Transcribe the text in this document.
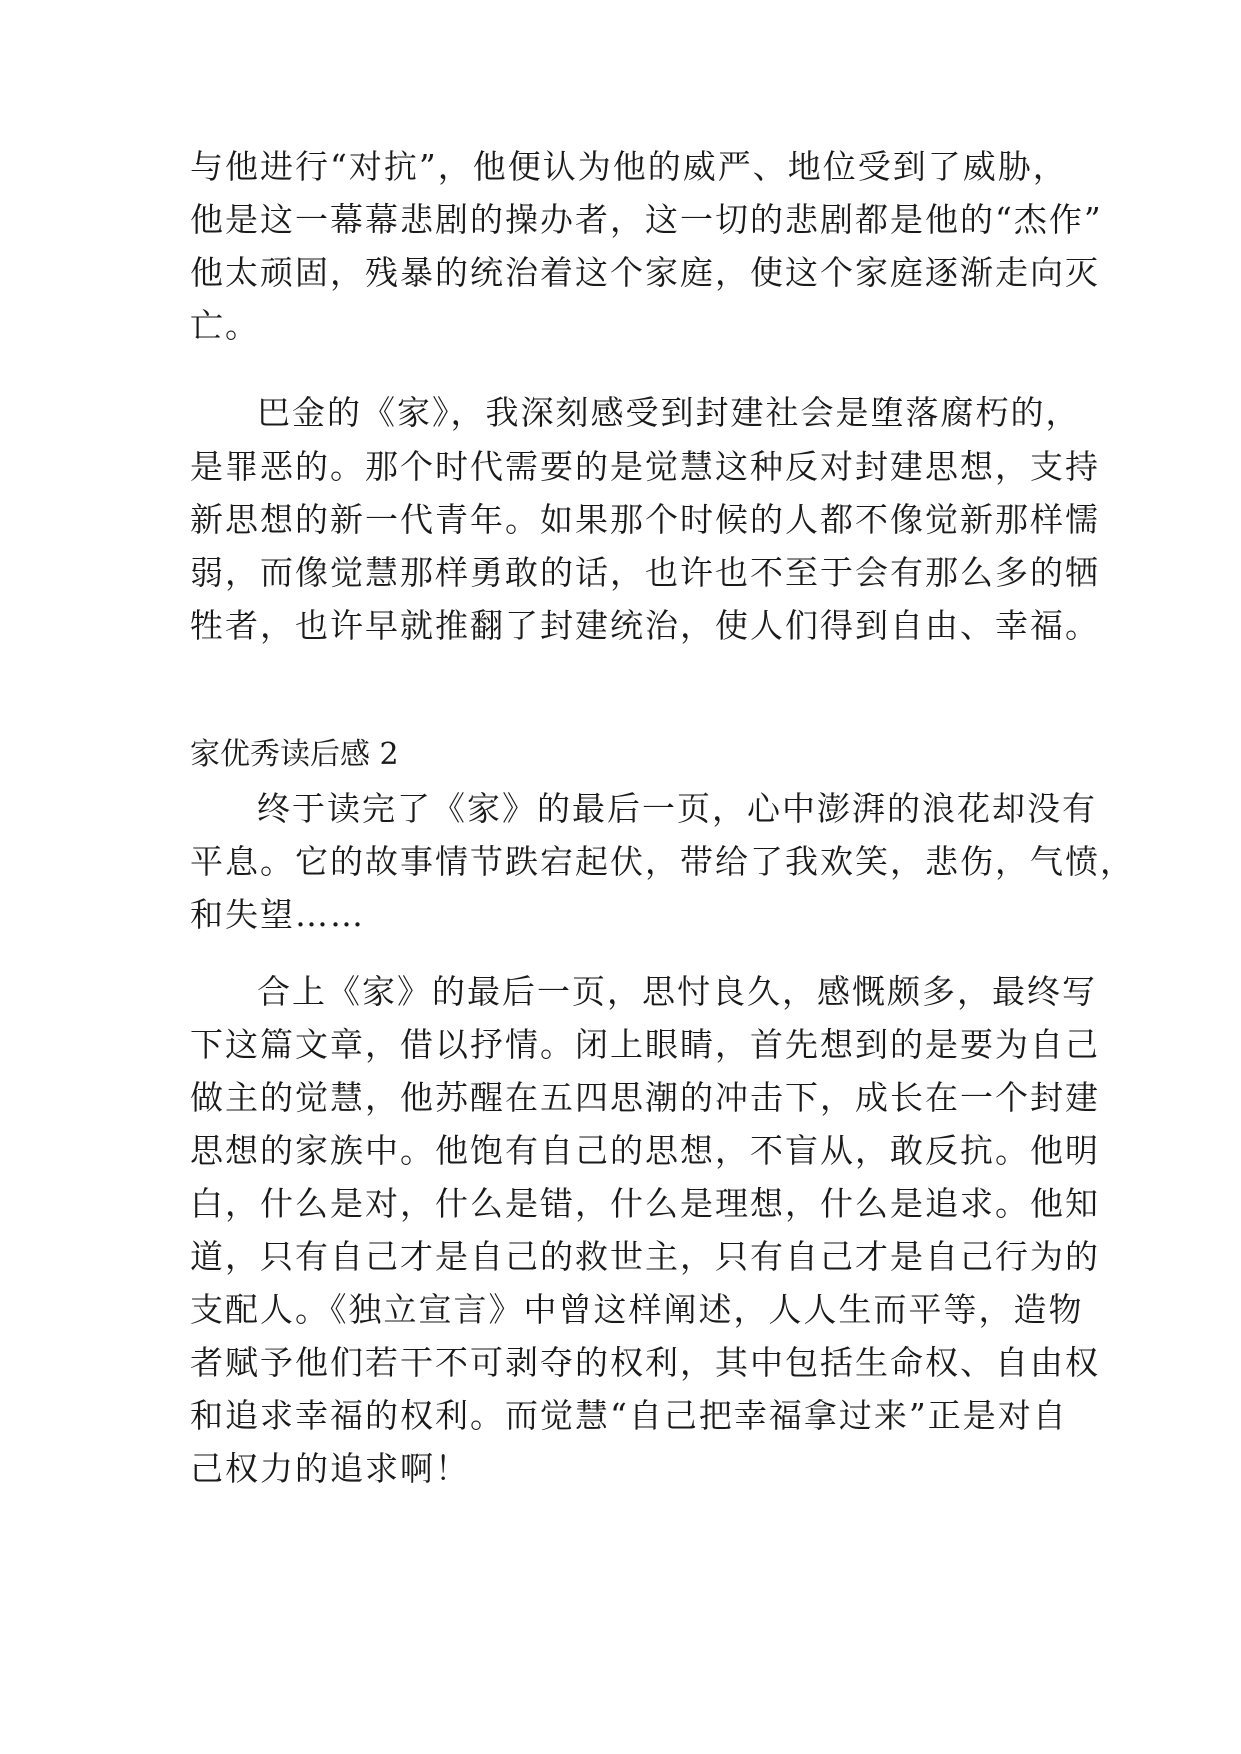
与他进行“对抗”，他便认为他的威严、地位受到了威胁，
他是这一幕幕悲剧的操办者，这一切的悲剧都是他的“杰作”
他太顽固，残暴的统治着这个家庭，使这个家庭逐渐走向灭
亡。
巴金的《家》，我深刻感受到封建社会是堕落腐朽的，
是罪恶的。那个时代需要的是觉慧这种反对封建思想，支持
新思想的新一代青年。如果那个时候的人都不像觉新那样懦
弱，而像觉慧那样勇敢的话，也许也不至于会有那么多的牺
牲者，也许早就推翻了封建统治，使人们得到自由、幸福。
家优秀读后感 2
终于读完了《家》的最后一页，心中澎湃的浪花却没有
平息。它的故事情节跌宕起伏，带给了我欢笑，悲伤，气愤，
和失望……
合上《家》的最后一页，思忖良久，感慨颇多，最终写
下这篇文章，借以抒情。闭上眼睛，首先想到的是要为自己
做主的觉慧，他苏醒在五四思潮的冲击下，成长在一个封建
思想的家族中。他饱有自己的思想，不盲从，敢反抗。他明
白，什么是对，什么是错，什么是理想，什么是追求。他知
道，只有自己才是自己的救世主，只有自己才是自己行为的
支配人。《独立宣言》中曾这样阐述，人人生而平等，造物
者赋予他们若干不可剥夺的权利，其中包括生命权、自由权
和追求幸福的权利。而觉慧“自己把幸福拿过来”正是对自
己权力的追求啊！
